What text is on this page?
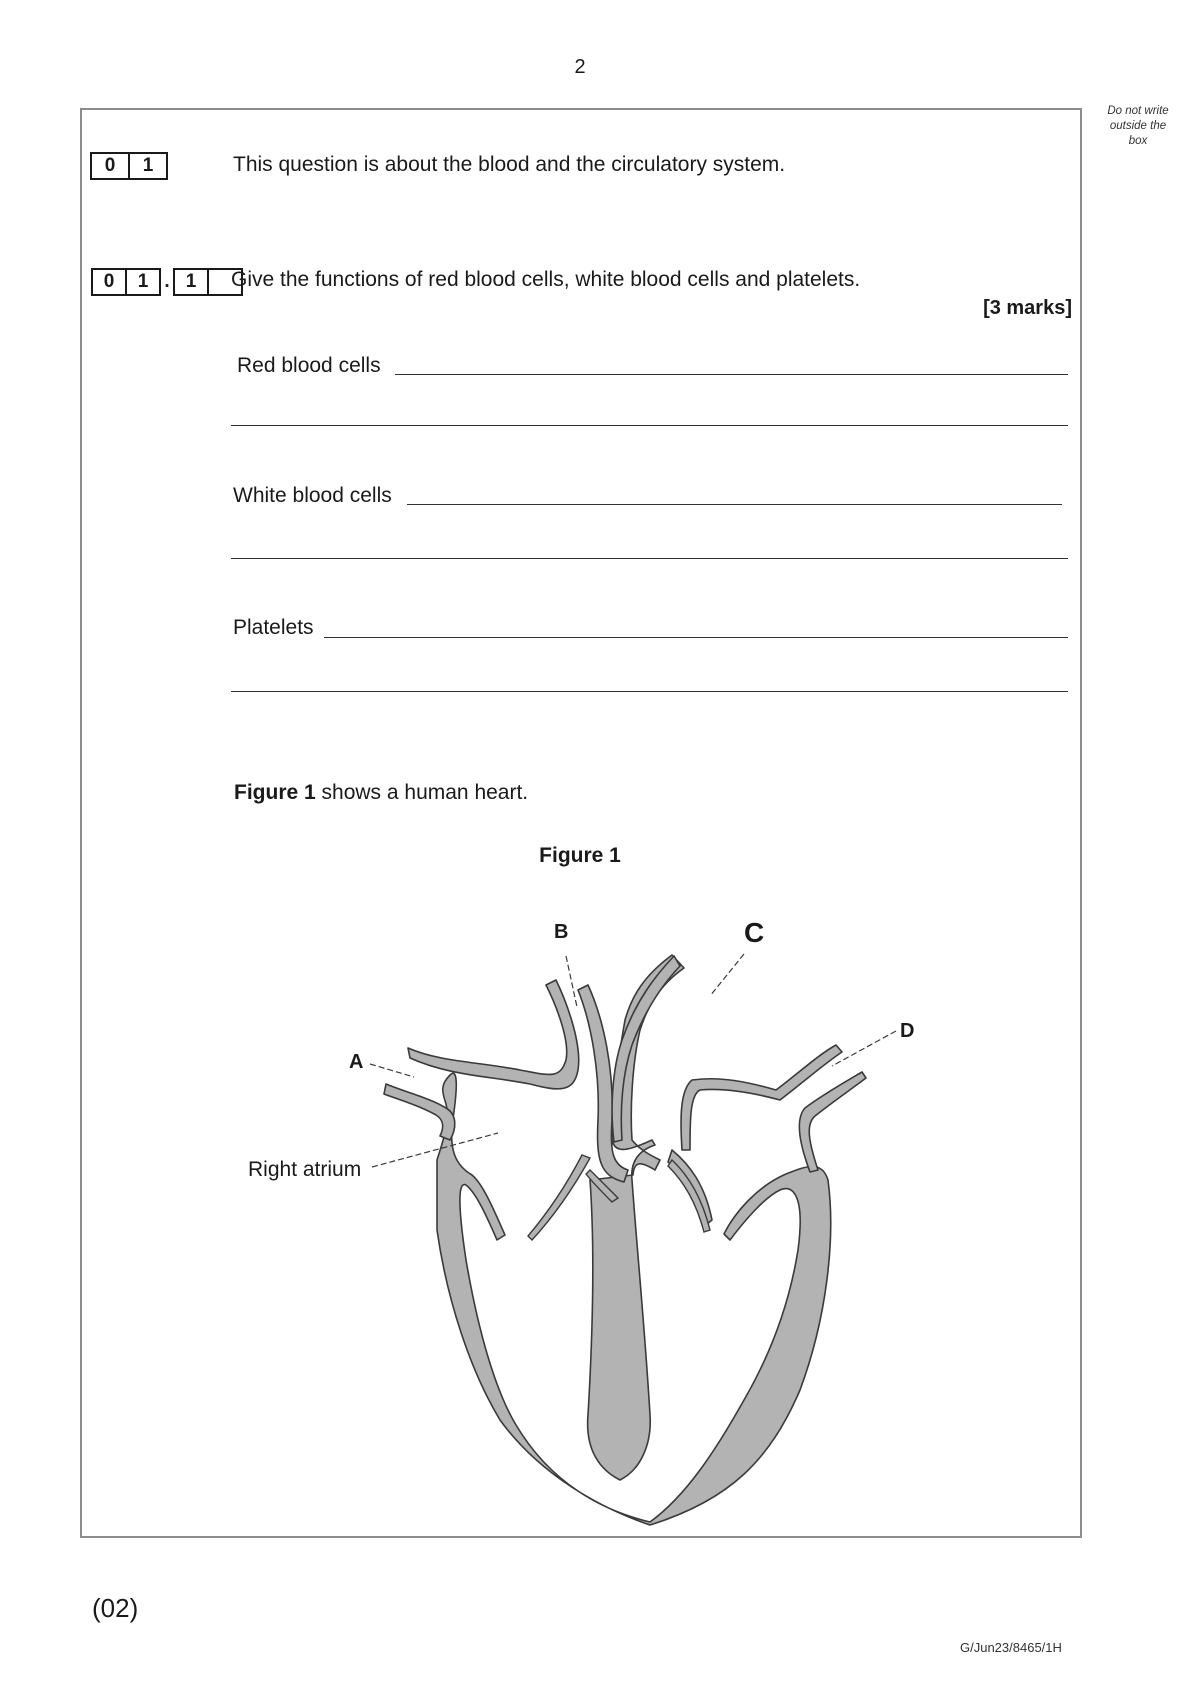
2
Do not write
outside the
box
0	1	This question is about the blood and the circulatory system.
0	1 . 1	Give the functions of red blood cells, white blood cells and platelets.
[3 marks]
Red blood cells
White blood cells
Platelets
Figure 1 shows a human heart.
Figure 1
A
B	C
D
Right atrium
(02)
G/Jun23/8465/1H
